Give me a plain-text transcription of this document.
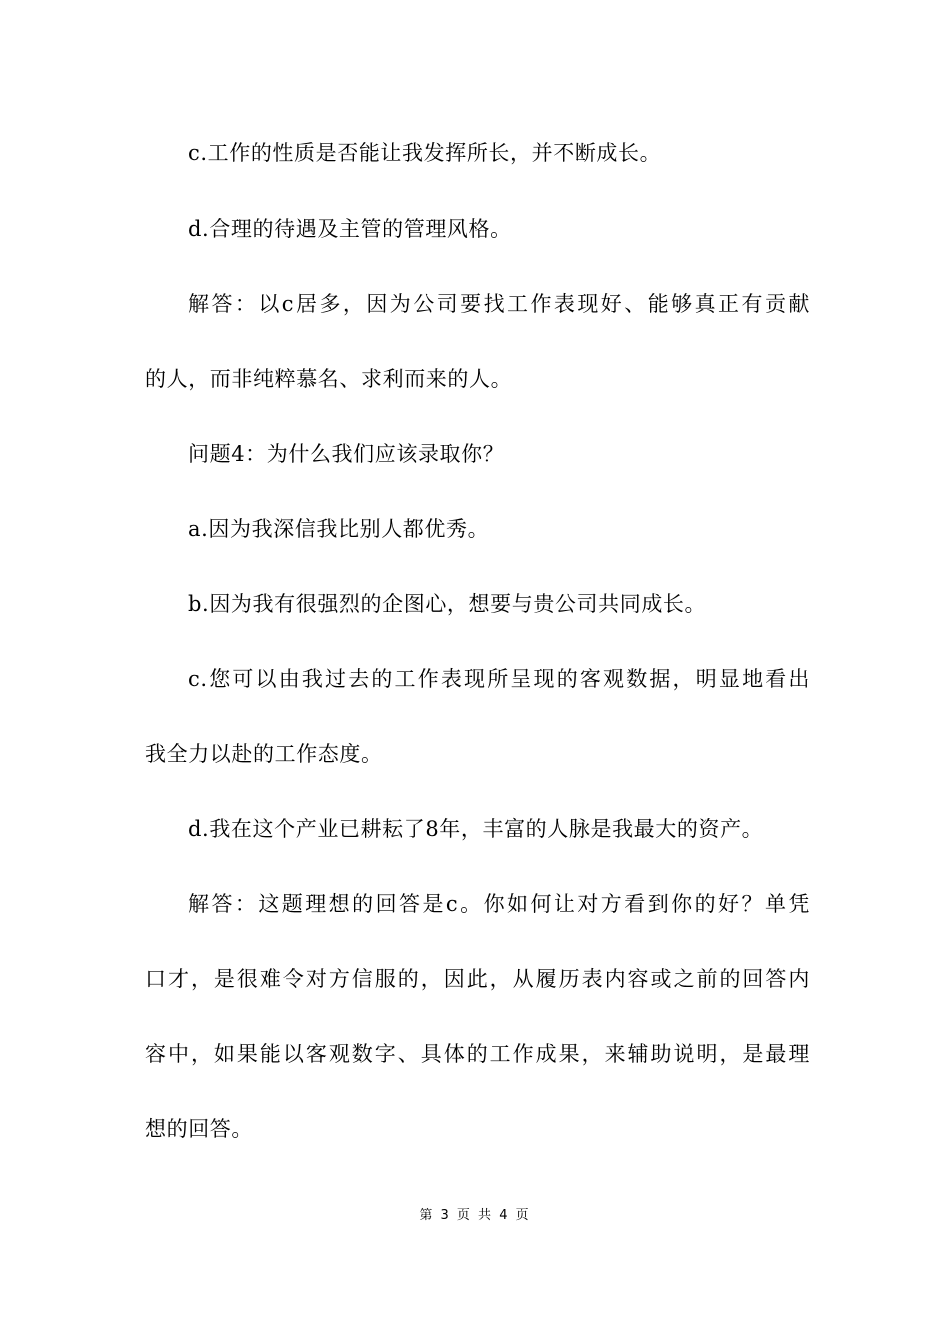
c.工作的性质是否能让我发挥所长，并不断成长。
d.合理的待遇及主管的管理风格。
解答：以c居多，因为公司要找工作表现好、能够真正有贡献
的人，而非纯粹慕名、求利而来的人。
问题4：为什么我们应该录取你？
a.因为我深信我比别人都优秀。
b.因为我有很强烈的企图心，想要与贵公司共同成长。
c.您可以由我过去的工作表现所呈现的客观数据，明显地看出
我全力以赴的工作态度。
d.我在这个产业已耕耘了8年，丰富的人脉是我最大的资产。
解答：这题理想的回答是c。你如何让对方看到你的好？单凭
口才，是很难令对方信服的，因此，从履历表内容或之前的回答内
容中，如果能以客观数字、具体的工作成果，来辅助说明，是最理
想的回答。
第 3 页 共 4 页
